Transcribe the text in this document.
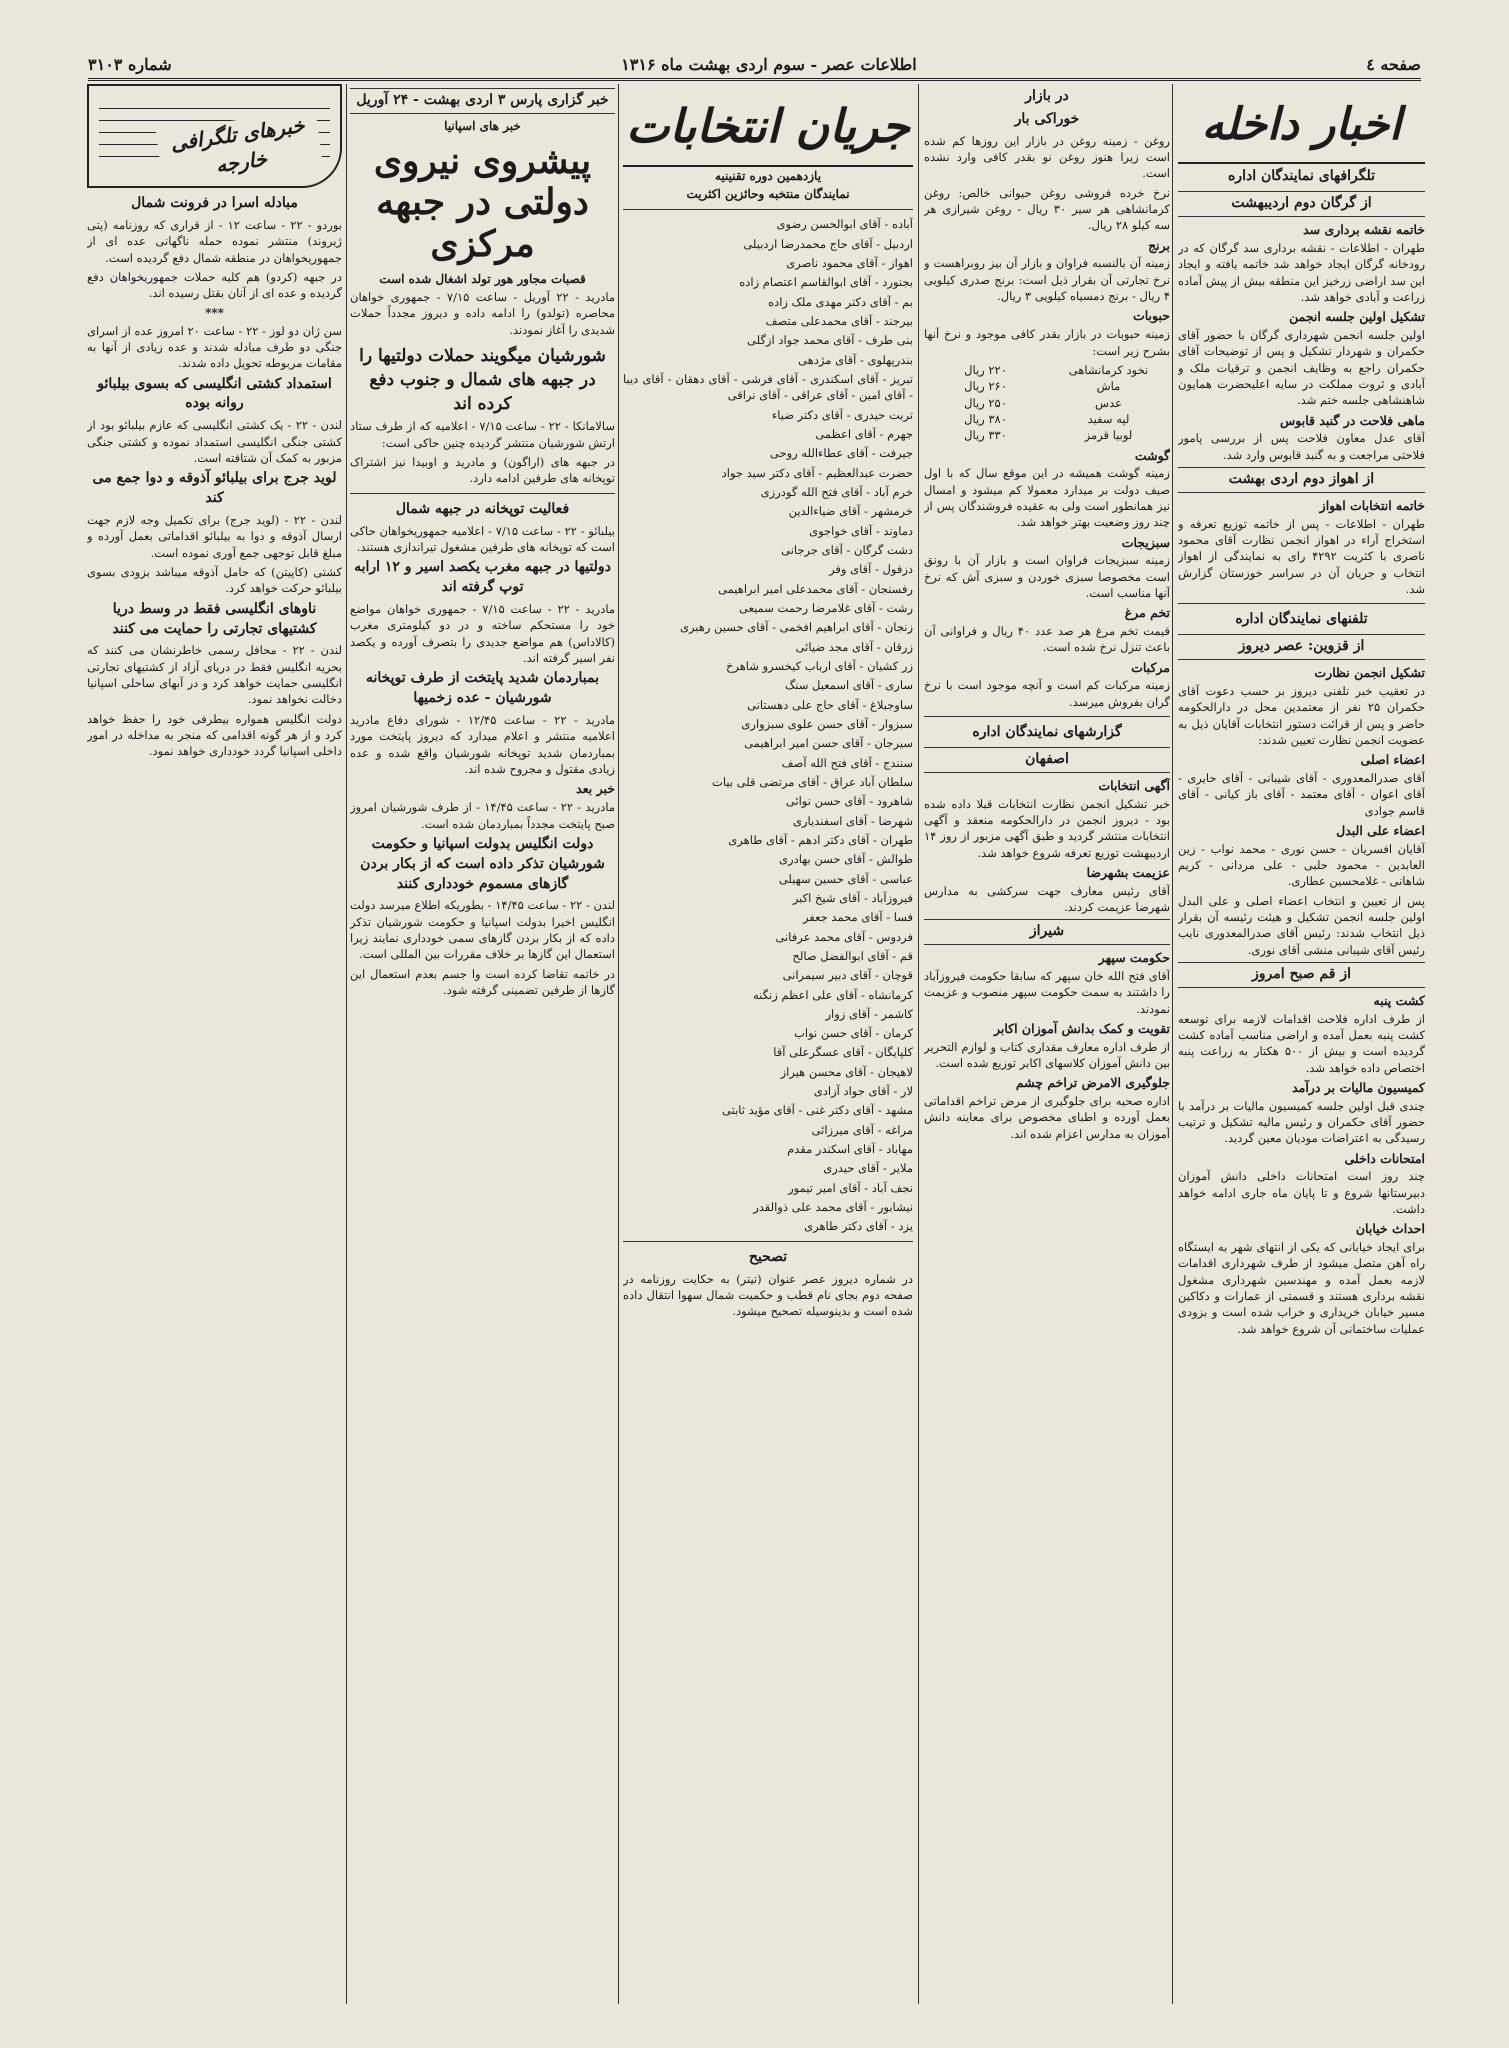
صفحه ٤
اطلاعات عصر - سوم اردی بهشت ماه ۱۳۱۶
شماره ۳۱۰۳
اخبار داخله
تلگرافهای نمایندگان اداره
از گرگان دوم اردیبهشت
خاتمه نقشه برداری سد

طهران - اطلاعات - نقشه برداری سد گرگان که در رودخانه گرگان ایجاد خواهد شد خاتمه یافته و ایجاد این سد اراضی زرخیز این منطقه بیش از پیش آماده زراعت و آبادی خواهد شد.

تشکیل اولین جلسه انجمن

اولین جلسه انجمن شهرداری گرگان با حضور آقای حکمران و شهردار تشکیل و پس از توضیحات آقای حکمران راجع به وظایف انجمن و ترقیات ملک و آبادی و ثروت مملکت در سایه اعلیحضرت همایون شاهنشاهی جلسه ختم شد.

ماهی فلاحت در گنبد قابوس

آقای عدل معاون فلاحت پس از بررسی پامور فلاحتی مراجعت و به گنبد قابوس وارد شد.

از اهواز دوم اردی بهشت
خاتمه انتخابات اهواز

طهران - اطلاعات - پس از خاتمه توزیع تعرفه و استخراج آراء در اهواز انجمن نظارت آقای محمود ناصری با کثریت ۴۲۹۲ رای به نمایندگی از اهواز انتخاب و جریان آن در سراسر خوزستان گزارش شد.

تلفنهای نمایندگان اداره
از قزوین: عصر دیروز
تشکیل انجمن نظارت

در تعقیب خبر تلفنی دیروز بر حسب دعوت آقای حکمران ۲۵ نفر از معتمدین محل در دارالحکومه حاضر و پس از قرائت دستور انتخابات آقایان ذیل به عضویت انجمن نظارت تعیین شدند:

اعضاء اصلی

آقای صدرالمعدوری - آقای شیبانی - آقای حایری - آقای اعوان - آقای معتمد - آقای باز کیانی - آقای قاسم جوادی

اعضاء علی البدل

آقایان افسریان - حسن نوری - محمد نواب - زین العابدین - محمود حلبی - علی مردانی - کریم شاهانی - غلامحسین عطاری.

پس از تعیین و انتخاب اعضاء اصلی و علی البدل اولین جلسه انجمن تشکیل و هیئت رئیسه آن بقرار ذیل انتخاب شدند: رئیس آقای صدرالمعدوری نایب رئیس آقای شیبانی منشی آقای نوری.

از قم صبح امروز
کشت پنبه

از طرف اداره فلاحت اقدامات لازمه برای توسعه کشت پنبه بعمل آمده و اراضی مناسب آماده کشت گردیده است و بیش از ۵۰۰ هکتار به زراعت پنبه اختصاص داده خواهد شد.

کمیسیون مالیات بر درآمد

چندی قبل اولین جلسه کمیسیون مالیات بر درآمد با حضور آقای حکمران و رئیس مالیه تشکیل و ترتیب رسیدگی به اعتراضات مودیان معین گردید.

امتحانات داخلی

چند روز است امتحانات داخلی دانش آموزان دبیرستانها شروع و تا پایان ماه جاری ادامه خواهد داشت.

احداث خیابان

برای ایجاد خیابانی که یکی از انتهای شهر به ایستگاه راه آهن متصل میشود از طرف شهرداری اقدامات لازمه بعمل آمده و مهندسین شهرداری مشغول نقشه برداری هستند و قسمتی از عمارات و دکاکین مسیر خیابان خریداری و خراب شده است و بزودی عملیات ساختمانی آن شروع خواهد شد.

در بازار
خوراکی بار

روغن - زمینه روغن در بازار این روزها کم شده است زیرا هنوز روغن نو بقدر کافی وارد نشده است.

نرخ خرده فروشی روغن حیوانی خالص: روغن کرمانشاهی هر سیر ۳۰ ریال - روغن شیرازی هر سه کیلو ۲۸ ریال.

برنج

زمینه آن بالنسبه فراوان و بازار آن بیز روبراهست و نرخ تجارتی آن بقرار ذیل است: برنج صدری کیلویی ۴ ریال - برنج دمسیاه کیلویی ۳ ریال.

حبوبات

زمینه حبوبات در بازار بقدر کافی موجود و نرخ آنها بشرح زیر است:

نخود کرمانشاهی
۲۲۰ ریال
ماش
۲۶۰ ریال
عدس
۲۵۰ ریال
لپه سفید
۳۸۰ ریال
لوبیا قرمز
۳۳۰ ریال
گوشت

زمینه گوشت همیشه در این موقع سال که با اول صیف دولت بر میدارد معمولا کم میشود و امسال نیز همانطور است ولی به عقیده فروشندگان پس از چند روز وضعیت بهتر خواهد شد.

سبزیجات

زمینه سبزیجات فراوان است و بازار آن با رونق است مخصوصا سبزی خوردن و سبزی آش که نرخ آنها مناسب است.

تخم مرغ

قیمت تخم مرغ هر صد عدد ۴۰ ریال و فراوانی آن باعث تنزل نرخ شده است.

مرکبات

زمینه مرکبات کم است و آنچه موجود است با نرخ گران بفروش میرسد.

گزارشهای نمایندگان اداره
اصفهان
آگهی انتخابات

خبر تشکیل انجمن نظارت انتخابات قبلا داده شده بود - دیروز انجمن در دارالحکومه منعقد و آگهی انتخابات منتشر گردید و طبق آگهی مزبور از روز ۱۴ اردیبهشت توزیع تعرفه شروع خواهد شد.

عزیمت بشهرضا

آقای رئیس معارف جهت سرکشی به مدارس شهرضا عزیمت کردند.

شیراز
حکومت سپهر

آقای فتح الله خان سپهر که سابقا حکومت فیروزآباد را داشتند به سمت حکومت سپهر منصوب و عزیمت نمودند.

تقویت و کمک بدانش آموزان اکابر

از طرف اداره معارف مقداری کتاب و لوازم التحریر بین دانش آموزان کلاسهای اکابر توزیع شده است.

جلوگیری الامرض تراخم چشم

اداره صحیه برای جلوگیری از مرض تراخم اقداماتی بعمل آورده و اطبای مخصوص برای معاینه دانش آموزان به مدارس اعزام شده اند.

جریان انتخابات
یازدهمین دوره تقنینیه
نمایندگان منتخبه وحائزین اکثریت

آباده - آقای ابوالحسن رضوی

اردبیل - آقای حاج محمدرضا اردبیلی

اهواز - آقای محمود ناصری

بجنورد - آقای ابوالقاسم اعتصام زاده

بم - آقای دکتر مهدی ملک زاده

بیرجند - آقای محمدعلی متصف

بنی طرف - آقای محمد جواد ازگلی

بندرپهلوی - آقای مژدهی

تبریز - آقای اسکندری - آقای فرشی - آقای دهقان - آقای دیبا - آقای امین - آقای عراقی - آقای نراقی

تربت حیدری - آقای دکتر ضیاء

جهرم - آقای اعظمی

جیرفت - آقای عطاءالله روحی

حضرت عبدالعظیم - آقای دکتر سید جواد

خرم آباد - آقای فتح الله گودرزی

خرمشهر - آقای ضیاءالدین

دماوند - آقای خواجوی

دشت گرگان - آقای جرجانی

دزفول - آقای وفر

رفسنجان - آقای محمدعلی امیر ابراهیمی

رشت - آقای غلامرضا رحمت سمیعی

زنجان - آقای ابراهیم افخمی - آقای حسین رهبری

زرقان - آقای مجد ضیائی

زر کشیان - آقای ارباب کیخسرو شاهرخ

ساری - آقای اسمعیل سنگ

ساوجبلاغ - آقای حاج علی دهستانی

سبزوار - آقای حسن علوی سبزواری

سیرجان - آقای حسن امیر ابراهیمی

سنندج - آقای فتح الله آصف

سلطان آباد عراق - آقای مرتضی قلی بیات

شاهرود - آقای حسن نوائی

شهرضا - آقای اسفندیاری

طهران - آقای دکتر ادهم - آقای طاهری

طوالش - آقای حسن بهادری

عباسی - آقای حسین سهیلی

فیروزآباد - آقای شیخ اکبر

فسا - آقای محمد جعفر

فردوس - آقای محمد عرفانی

قم - آقای ابوالفضل صالح

قوچان - آقای دبیر سیمرانی

کرمانشاه - آقای علی اعظم زنگنه

کاشمر - آقای زوار

کرمان - آقای حسن نواب

کلپایگان - آقای عسگرعلی آقا

لاهیجان - آقای محسن هیراز

لار - آقای جواد آزادی

مشهد - آقای دکتر غنی - آقای مؤید ثابتی

مراغه - آقای میرزائی

مهاباد - آقای اسکندر مقدم

ملایر - آقای حیدری

نجف آباد - آقای امیر تیمور

نیشابور - آقای محمد علی ذوالقدر

یزد - آقای دکتر طاهری

تصحیح

در شماره دیروز عصر عنوان (تیتر) به حکایت روزنامه در صفحه دوم بجای نام قطب و حکمیت شمال سهوا انتقال داده شده است و بدینوسیله تصحیح میشود.

خبر گزاری پارس ۳ اردی بهشت - ۲۴ آوریل
خبر های اسپانیا
پیشروی نیروی دولتی در جبهه مرکزی
قصبات مجاور هور تولد اشغال شده است

مادرید - ۲۲ آوریل - ساعت ۷/۱۵ - جمهوری خواهان محاصره (تولدو) را ادامه داده و دیروز مجدداً حملات شدیدی را آغاز نمودند.

شورشیان میگویند حملات دولتیها را در جبهه های شمال و جنوب دفع کرده اند

سالامانکا - ۲۲ - ساعت ۷/۱۵ - اعلامیه که از طرف ستاد ارتش شورشیان منتشر گردیده چنین حاکی است:

در جبهه های (اراگون) و مادرید و اوبیدا نیز اشتراک توپخانه های طرفین ادامه دارد.

فعالیت توپخانه در جبهه شمال

بیلبائو - ۲۲ - ساعت ۷/۱۵ - اعلامیه جمهوریخواهان حاکی است که توپخانه های طرفین مشغول تیراندازی هستند.

دولتیها در جبهه مغرب یکصد اسیر و ۱۲ ارابه توپ گرفته اند

مادرید - ۲۲ - ساعت ۷/۱۵ - جمهوری خواهان مواضع خود را مستحکم ساخته و در دو کیلومتری مغرب (کالاداس) هم مواضع جدیدی را بتصرف آورده و یکصد نفر اسیر گرفته اند.

بمباردمان شدید پایتخت از طرف توپخانه شورشیان - عده زخمیها

مادرید - ۲۲ - ساعت ۱۲/۴۵ - شورای دفاع مادرید اعلامیه منتشر و اعلام میدارد که دیروز پایتخت مورد بمباردمان شدید توپخانه شورشیان واقع شده و عده زیادی مقتول و مجروح شده اند.

خبر بعد

مادرید - ۲۲ - ساعت ۱۴/۴۵ - از طرف شورشیان امروز صبح پایتخت مجدداً بمباردمان شده است.

دولت انگلیس بدولت اسپانیا و حکومت شورشیان تذکر داده است که از بکار بردن گازهای مسموم خودداری کنند

لندن - ۲۲ - ساعت ۱۴/۴۵ - بطوریکه اطلاع میرسد دولت انگلیس اخیرا بدولت اسپانیا و حکومت شورشیان تذکر داده که از بکار بردن گازهای سمی خودداری نمایند زیرا استعمال این گازها بر خلاف مقررات بین المللی است.

در خاتمه تقاضا کرده است وا جسم بعدم استعمال این گازها از طرفین تضمینی گرفته شود.

خبرهای تلگرافی خارجه
مبادله اسرا در فرونت شمال

بوردو - ۲۲ - ساعت ۱۲ - از قراری که روزنامه (پتی ژیروند) منتشر نموده حمله ناگهانی عده ای از جمهوریخواهان در منطقه شمال دفع گردیده است.

در جبهه (کردو) هم کلیه حملات جمهوریخواهان دفع گردیده و عده ای از آنان بقتل رسیده اند.

***

سن ژان دو لوز - ۲۲ - ساعت ۲۰ امروز عده از اسرای جنگی دو طرف مبادله شدند و عده زیادی از آنها به مقامات مربوطه تحویل داده شدند.

استمداد کشتی انگلیسی که بسوی بیلبائو روانه بوده

لندن - ۲۲ - یک کشتی انگلیسی که عازم بیلبائو بود از کشتی جنگی انگلیسی استمداد نموده و کشتی جنگی مزبور به کمک آن شتافته است.

لوید جرج برای بیلبائو آذوقه و دوا جمع می کند

لندن - ۲۲ - (لوید جرج) برای تکمیل وجه لازم جهت ارسال آذوقه و دوا به بیلبائو اقداماتی بعمل آورده و مبلغ قابل توجهی جمع آوری نموده است.

کشتی (کاپیتن) که حامل آذوقه میباشد بزودی بسوی بیلبائو حرکت خواهد کرد.

ناوهای انگلیسی فقط در وسط دریا کشتیهای تجارتی را حمایت می کنند

لندن - ۲۲ - محافل رسمی خاطرنشان می کنند که بحریه انگلیس فقط در دریای آزاد از کشتیهای تجارتی انگلیسی حمایت خواهد کرد و در آبهای ساحلی اسپانیا دخالت نخواهد نمود.

دولت انگلیس همواره بیطرفی خود را حفظ خواهد کرد و از هر گونه اقدامی که منجر به مداخله در امور داخلی اسپانیا گردد خودداری خواهد نمود.
